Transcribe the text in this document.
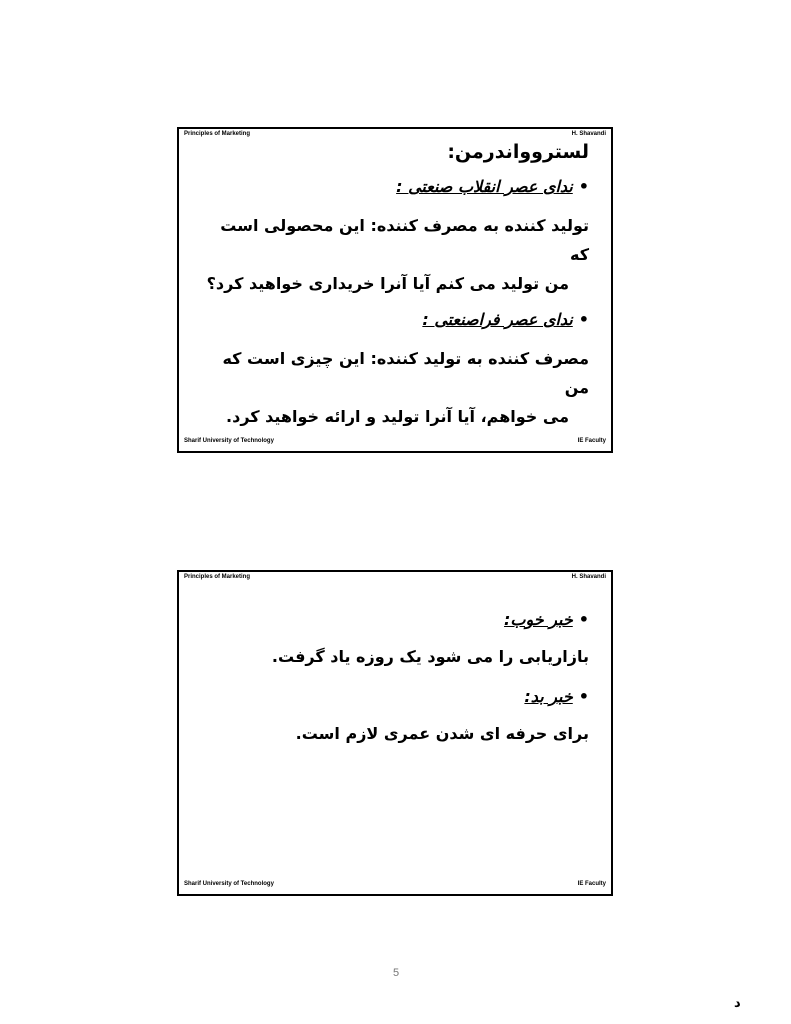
Principles of Marketing	H. Shavandi
لستروواندرمن:
•ندای عصر انقلاب صنعتی :
تولید کننده به مصرف کننده: این محصولی است که
من تولید می کنم آیا آنرا خریداری خواهید کرد؟
•ندای عصر فراصنعتی :
مصرف کننده به تولید کننده: این چیزی است که من
می خواهم، آیا آنرا تولید و ارائه خواهید کرد.
Sharif University of Technology	IE Faculty
Principles of Marketing	H. Shavandi
•خبر خوب:
بازاریابی را می شود یک روزه یاد گرفت.
•خبر بد:
برای حرفه ای شدن عمری لازم است.
Sharif University of Technology	IE Faculty
5
د
